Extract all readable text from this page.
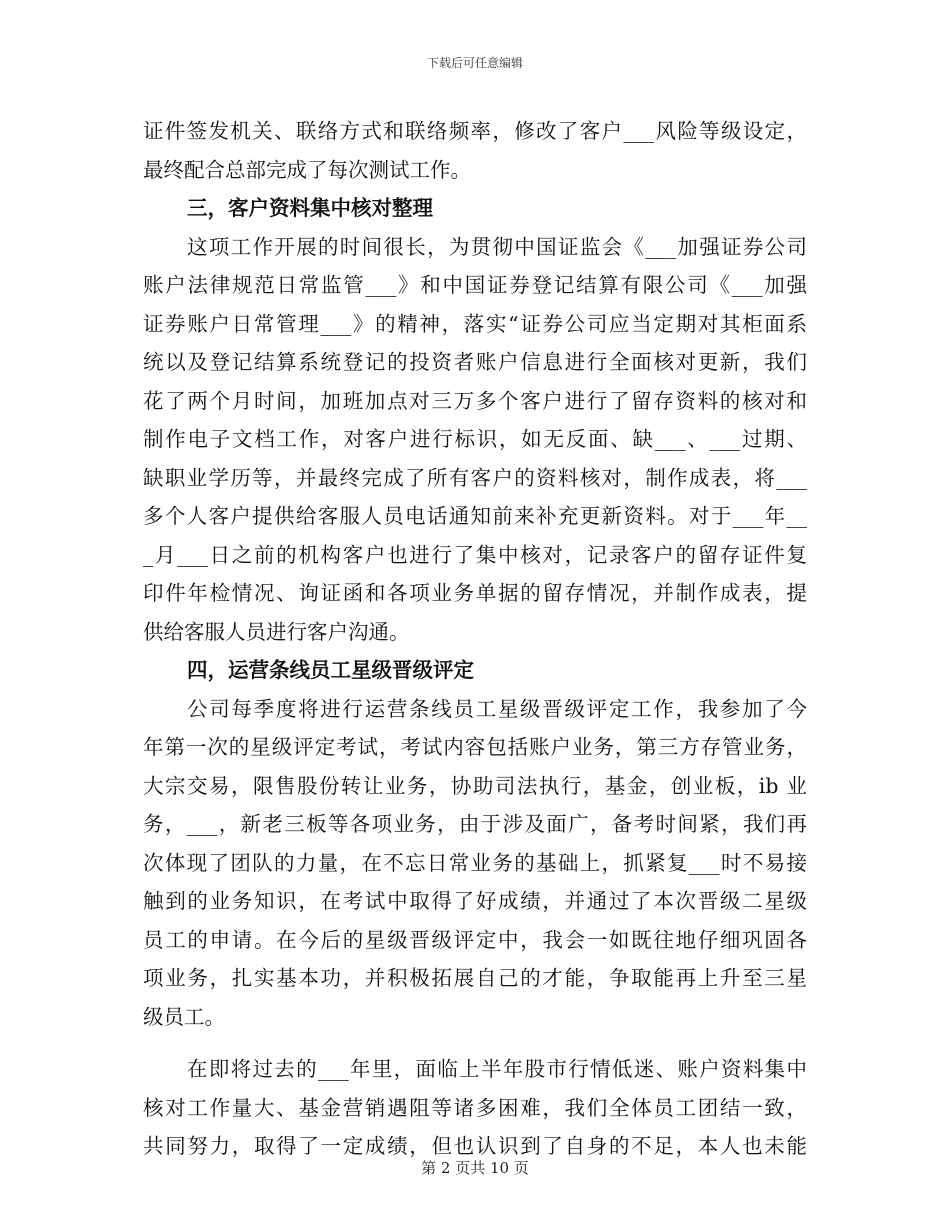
下载后可任意编辑
证件签发机关、联络方式和联络频率，修改了客户___风险等级设定，
最终配合总部完成了每次测试工作。
三，客户资料集中核对整理
这项工作开展的时间很长，为贯彻中国证监会《___加强证券公司
账户法律规范日常监管___》和中国证券登记结算有限公司《___加强
证券账户日常管理___》的精神，落实“证券公司应当定期对其柜面系
统以及登记结算系统登记的投资者账户信息进行全面核对更新，我们
花了两个月时间，加班加点对三万多个客户进行了留存资料的核对和
制作电子文档工作，对客户进行标识，如无反面、缺___、___过期、
缺职业学历等，并最终完成了所有客户的资料核对，制作成表，将___
多个人客户提供给客服人员电话通知前来补充更新资料。对于___年__
_月___日之前的机构客户也进行了集中核对，记录客户的留存证件复
印件年检情况、询证函和各项业务单据的留存情况，并制作成表，提
供给客服人员进行客户沟通。
四，运营条线员工星级晋级评定
公司每季度将进行运营条线员工星级晋级评定工作，我参加了今
年第一次的星级评定考试，考试内容包括账户业务，第三方存管业务，
大宗交易，限售股份转让业务，协助司法执行，基金，创业板，ib 业
务，___，新老三板等各项业务，由于涉及面广，备考时间紧，我们再
次体现了团队的力量，在不忘日常业务的基础上，抓紧复___时不易接
触到的业务知识，在考试中取得了好成绩，并通过了本次晋级二星级
员工的申请。在今后的星级晋级评定中，我会一如既往地仔细巩固各
项业务，扎实基本功，并积极拓展自己的才能，争取能再上升至三星
级员工。
在即将过去的___年里，面临上半年股市行情低迷、账户资料集中
核对工作量大、基金营销遇阻等诸多困难，我们全体员工团结一致，
共同努力，取得了一定成绩，但也认识到了自身的不足，本人也未能
第 2 页共 10 页
